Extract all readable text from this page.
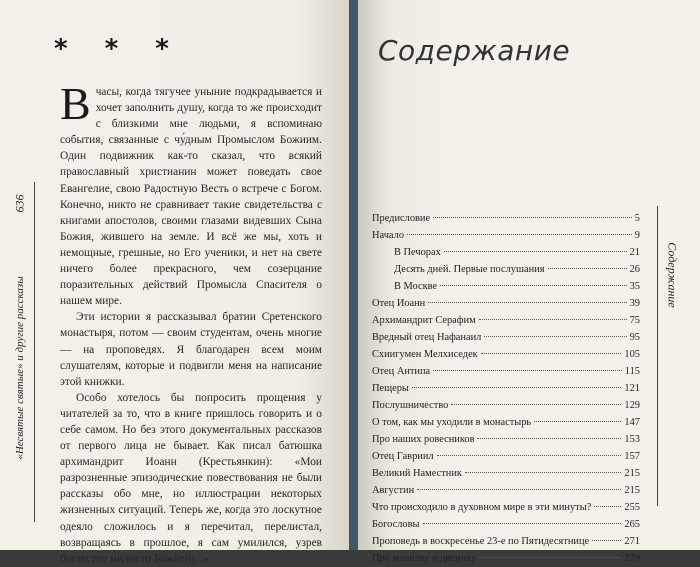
* * *

Вчасы, когда тягучее уныние подкрадывается и хочет заполнить душу, когда то же происходит с близкими мне людьми, я вспоминаю события, связанные с чу́дным Промыслом Божиим. Один подвижник как-то сказал, что всякий православный христианин может поведать свое Евангелие, свою Радостную Весть о встрече с Богом. Конечно, никто не сравнивает такие свидетельства с книгами апостолов, своими глазами видевших Сына Божия, жившего на земле. И всё же мы, хоть и немощные, грешные, но Его ученики, и нет на свете ничего более прекрасного, чем созерцание поразительных действий Промысла Спасителя о нашем мире.

Эти истории я рассказывал братии Сретенского монастыря, потом — своим студентам, очень многие — на проповедях. Я благодарен всем моим слушателям, которые и подвигли меня на написание этой книжки.

Особо хотелось бы попросить прощения у читателей за то, что в книге пришлось говорить и о себе самом. Но без этого документальных рассказов от первого лица не бывает. Как писал батюшка архимандрит Иоанн (Крестьянкин): «Мои разрозненные эпизодические повествования не были рассказы обо мне, но иллюстрации некоторых жизненных ситуаций. Теперь же, когда это лоскутное одеяло сложилось и я перечитал, перелистал, возвращаясь в прошлое, я сам умилился, узрев богатство милости Божией)...»

636
«Несвятые святые» и другие рассказы
Содержание
Предисловие	5
Начало	9
В Печорах	21
Десять дней. Первые послушания	26
В Москве	35
Отец Иоанн	39
Архимандрит Серафим	75
Вредный отец Нафанаил	95
Схиигумен Мелхиседек	105
Отец Антипа	115
Пещеры	121
Послушничество	129
О том, как мы уходили в монастырь	147
Про наших ровесников	153
Отец Гавриил	157
Великий Наместник	215
Августин	215
Что происходило в духовном мире в эти минуты?	255
Богословы	265
Проповедь в воскресенье 23-е по Пятидесятнице	271
Про молитву и дисичку	279
Содержание
